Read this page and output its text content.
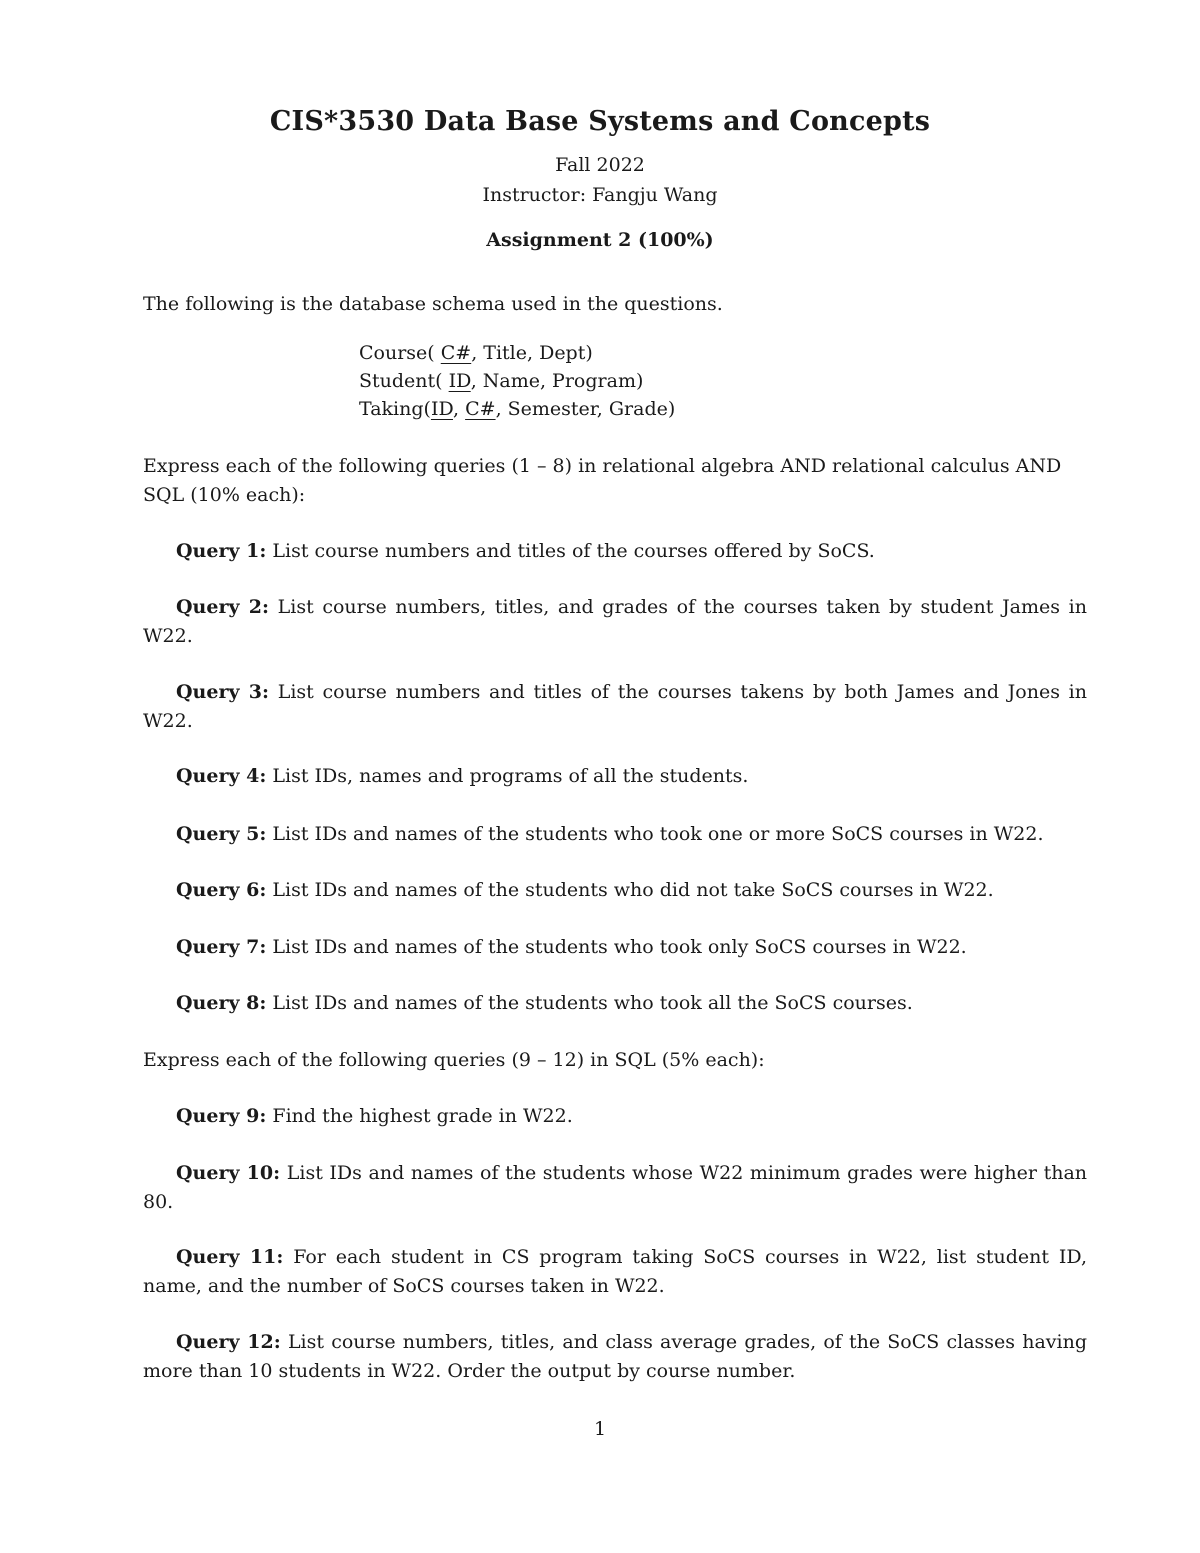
CIS*3530 Data Base Systems and Concepts
Fall 2022
Instructor: Fangju Wang
Assignment 2 (100%)
The following is the database schema used in the questions.
Course( C#, Title, Dept)
Student( ID, Name, Program)
Taking(ID, C#, Semester, Grade)
Express each of the following queries (1 – 8) in relational algebra AND relational calculus AND SQL (10% each):
Query 1: List course numbers and titles of the courses offered by SoCS.
Query 2: List course numbers, titles, and grades of the courses taken by student James in W22.
Query 3: List course numbers and titles of the courses takens by both James and Jones in W22.
Query 4: List IDs, names and programs of all the students.
Query 5: List IDs and names of the students who took one or more SoCS courses in W22.
Query 6: List IDs and names of the students who did not take SoCS courses in W22.
Query 7: List IDs and names of the students who took only SoCS courses in W22.
Query 8: List IDs and names of the students who took all the SoCS courses.
Express each of the following queries (9 – 12) in SQL (5% each):
Query 9: Find the highest grade in W22.
Query 10: List IDs and names of the students whose W22 minimum grades were higher than 80.
Query 11: For each student in CS program taking SoCS courses in W22, list student ID, name, and the number of SoCS courses taken in W22.
Query 12: List course numbers, titles, and class average grades, of the SoCS classes having more than 10 students in W22. Order the output by course number.
1
